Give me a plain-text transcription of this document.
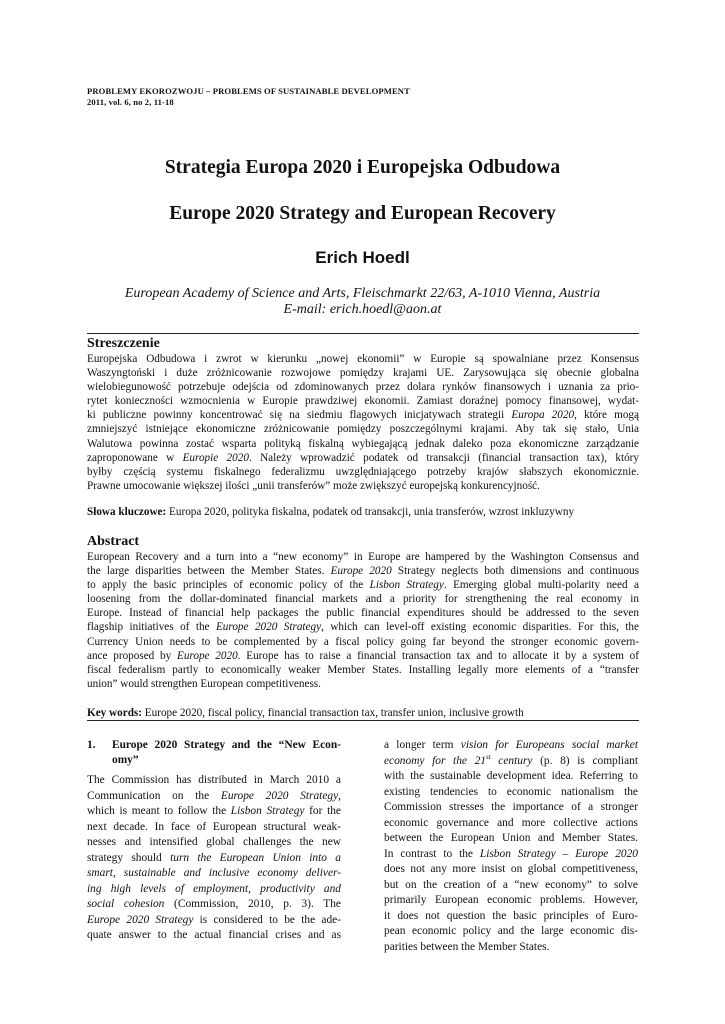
PROBLEMY EKOROZWOJU – PROBLEMS OF SUSTAINABLE DEVELOPMENT
2011, vol. 6, no 2, 11-18
Strategia Europa 2020 i Europejska Odbudowa
Europe 2020 Strategy and European Recovery
Erich Hoedl
European Academy of Science and Arts, Fleischmarkt 22/63, A-1010 Vienna, Austria
E-mail: erich.hoedl@aon.at
Streszczenie
Europejska Odbudowa i zwrot w kierunku „nowej ekonomii” w Europie są spowalniane przez Konsensus
Waszyngtoński i duże zróżnicowanie rozwojowe pomiędzy krajami UE. Zarysowująca się obecnie globalna
wielobiegunowość potrzebuje odejścia od zdominowanych przez dolara rynków finansowych i uznania za prio-
rytet konieczności wzmocnienia w Europie prawdziwej ekonomii. Zamiast doraźnej pomocy finansowej, wydat-
ki publiczne powinny koncentrować się na siedmiu flagowych inicjatywach strategii Europa 2020, które mogą
zmniejszyć istniejące ekonomiczne zróżnicowanie pomiędzy poszczególnymi krajami. Aby tak się stało, Unia
Walutowa powinna zostać wsparta polityką fiskalną wybiegającą jednak daleko poza ekonomiczne zarządzanie
zaproponowane w Europie 2020. Należy wprowadzić podatek od transakcji (financial transaction tax), który
byłby częścią systemu fiskalnego federalizmu uwzględniającego potrzeby krajów słabszych ekonomicznie.
Prawne umocowanie większej ilości „unii transferów” może zwiększyć europejską konkurencyjność.
Słowa kluczowe: Europa 2020, polityka fiskalna, podatek od transakcji, unia transferów, wzrost inkluzywny
Abstract
European Recovery and a turn into a “new economy” in Europe are hampered by the Washington Consensus and
the large disparities between the Member States. Europe 2020 Strategy neglects both dimensions and continuous
to apply the basic principles of economic policy of the Lisbon Strategy. Emerging global multi-polarity need a
loosening from the dollar-dominated financial markets and a priority for strengthening the real economy in
Europe. Instead of financial help packages the public financial expenditures should be addressed to the seven
flagship initiatives of the Europe 2020 Strategy, which can level-off existing economic disparities. For this, the
Currency Union needs to be complemented by a fiscal policy going far beyond the stronger economic govern-
ance proposed by Europe 2020. Europe has to raise a financial transaction tax and to allocate it by a system of
fiscal federalism partly to economically weaker Member States. Installing legally more elements of a “transfer
union” would strengthen European competitiveness.
Key words: Europe 2020, fiscal policy, financial transaction tax, transfer union, inclusive growth
1. Europe 2020 Strategy and the “New Econ-
omy”
The Commission has distributed in March 2010 a
Communication on the Europe 2020 Strategy,
which is meant to follow the Lisbon Strategy for the
next decade. In face of European structural weak-
nesses and intensified global challenges the new
strategy should turn the European Union into a
smart, sustainable and inclusive economy deliver-
ing high levels of employment, productivity and
social cohesion (Commission, 2010, p. 3). The
Europe 2020 Strategy is considered to be the ade-
quate answer to the actual financial crises and as
a longer term vision for Europeans social market
economy for the 21st century (p. 8) is compliant
with the sustainable development idea. Referring to
existing tendencies to economic nationalism the
Commission stresses the importance of a stronger
economic governance and more collective actions
between the European Union and Member States.
In contrast to the Lisbon Strategy – Europe 2020
does not any more insist on global competitiveness,
but on the creation of a “new economy” to solve
primarily European economic problems. However,
it does not question the basic principles of Euro-
pean economic policy and the large economic dis-
parities between the Member States.
